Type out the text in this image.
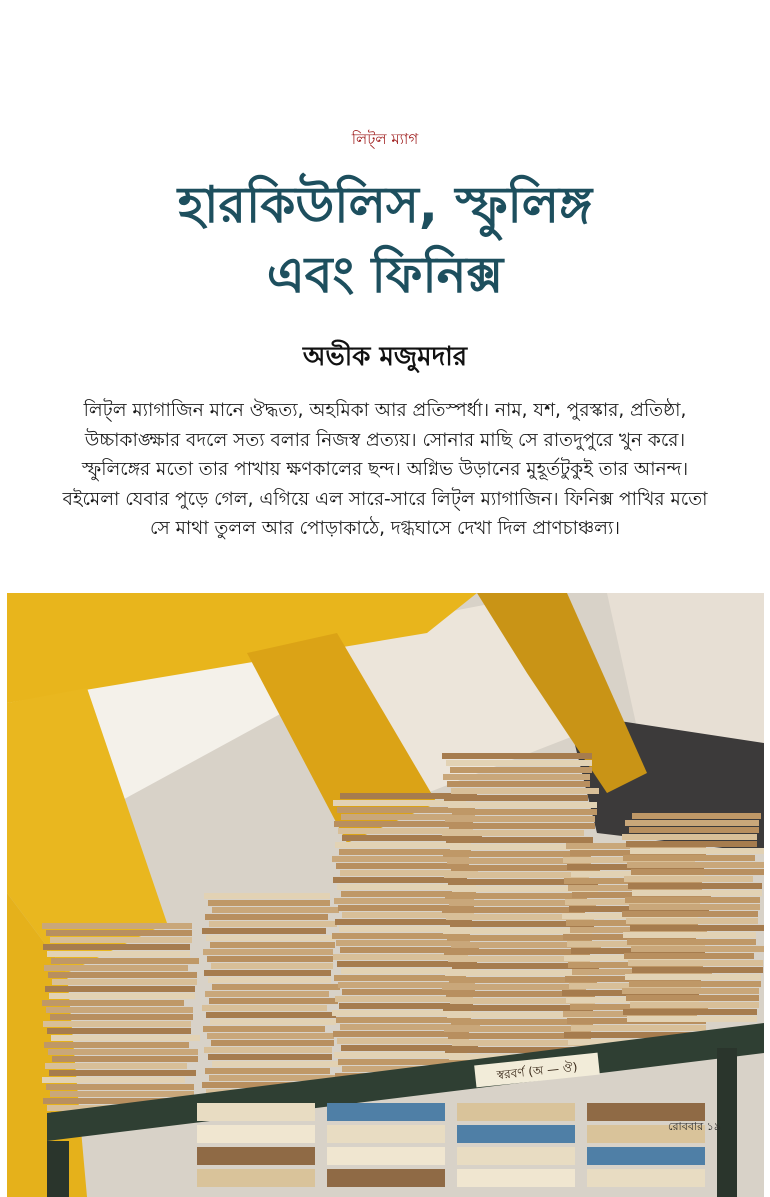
লিট্‌ল ম্যাগ
হারকিউলিস, স্ফুলিঙ্গ
এবং ফিনিক্স
অভীক মজুমদার
লিট্‌ল ম্যাগাজিন মানে ঔদ্ধত্য, অহমিকা আর প্রতিস্পর্ধা। নাম, যশ, পুরস্কার, প্রতিষ্ঠা, উচ্চাকাঙ্ক্ষার বদলে সত্য বলার নিজস্ব প্রত্যয়। সোনার মাছি সে রাতদুপুরে খুন করে। স্ফুলিঙ্গের মতো তার পাখায় ক্ষণকালের ছন্দ। অগ্নিভ উড়ানের মুহূর্তটুকুই তার আনন্দ। বইমেলা যেবার পুড়ে গেল, এগিয়ে এল সারে-সারে লিট্‌ল ম্যাগাজিন। ফিনিক্স পাখির মতো সে মাথা তুলল আর পোড়াকাঠে, দগ্ধঘাসে দেখা দিল প্রাণচাঞ্চল্য।
স্বরবর্ণ (অ — ঔ)
রোববার ১৯
